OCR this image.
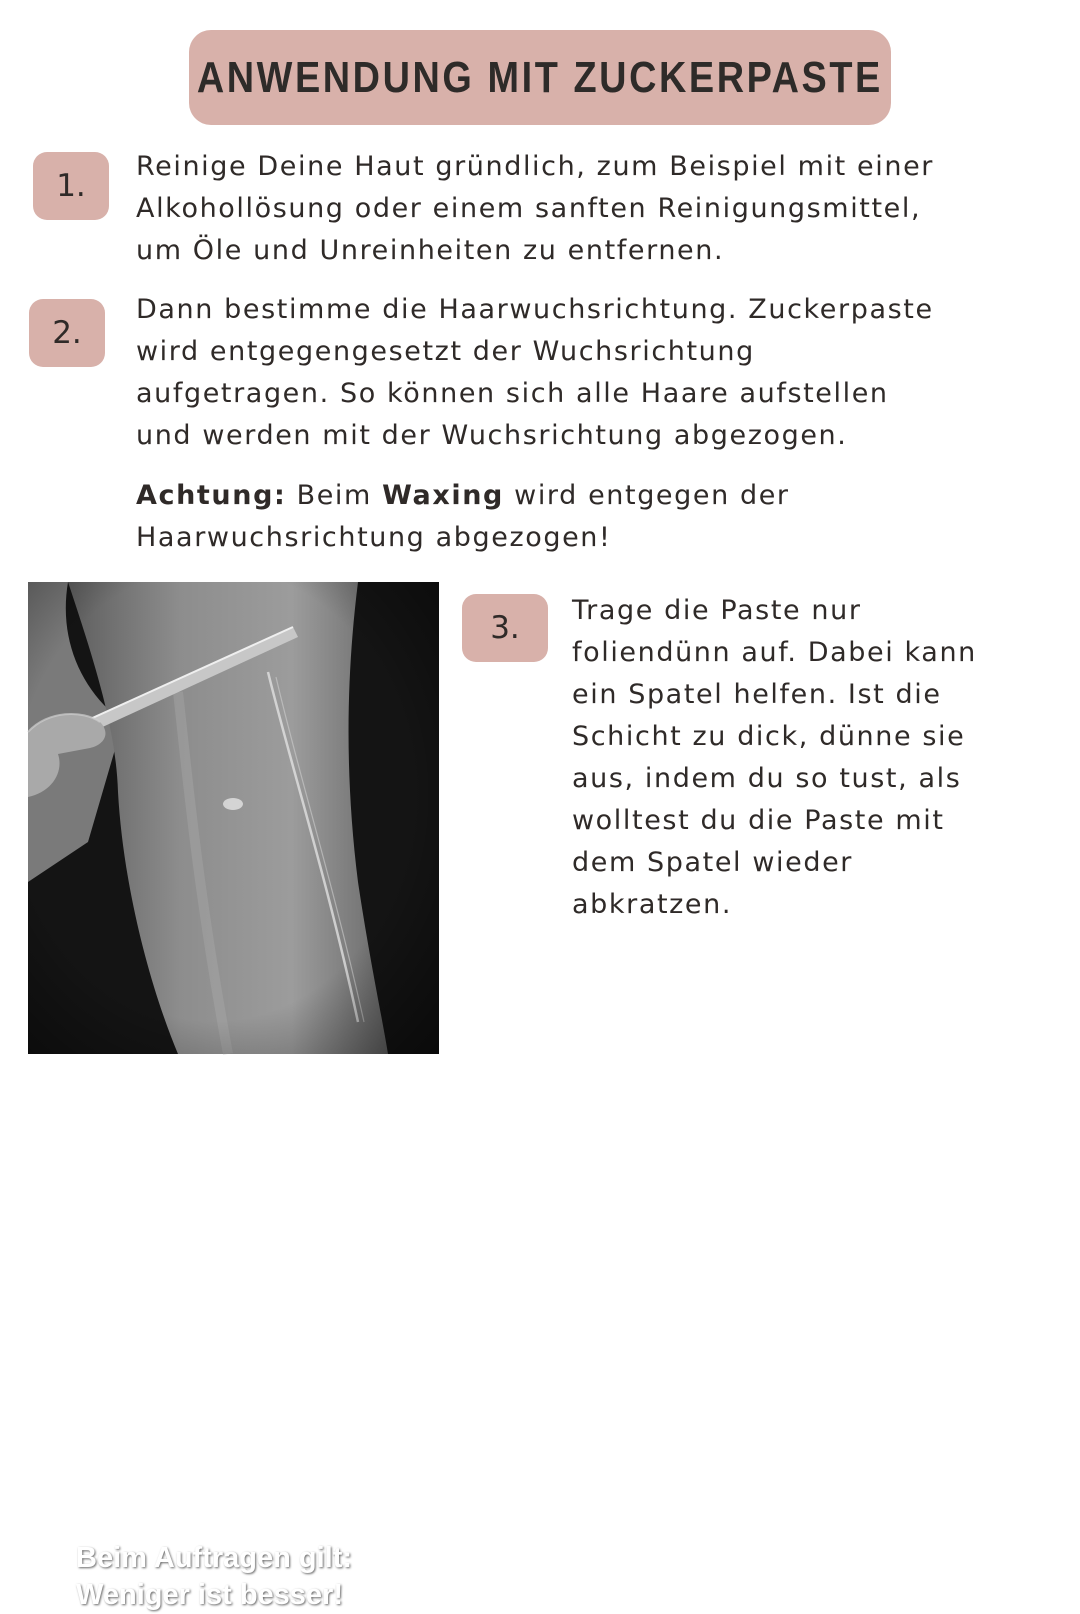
ANWENDUNG MIT ZUCKERPASTE
1.
Reinige Deine Haut gründlich, zum Beispiel mit einer
Alkohollösung oder einem sanften Reinigungsmittel,
um Öle und Unreinheiten zu entfernen.
2.
Dann bestimme die Haarwuchsrichtung. Zuckerpaste
wird entgegengesetzt der Wuchsrichtung
aufgetragen. So können sich alle Haare aufstellen
und werden mit der Wuchsrichtung abgezogen.
Achtung: Beim Waxing wird entgegen der
Haarwuchsrichtung abgezogen!
Beim Auftragen gilt:
Weniger ist besser!
3. Trage die Paste nur
foliendünn auf. Dabei kann
ein Spatel helfen. Ist die
Schicht zu dick, dünne sie
aus, indem du so tust, als
wolltest du die Paste mit
dem Spatel wieder
abkratzen.
